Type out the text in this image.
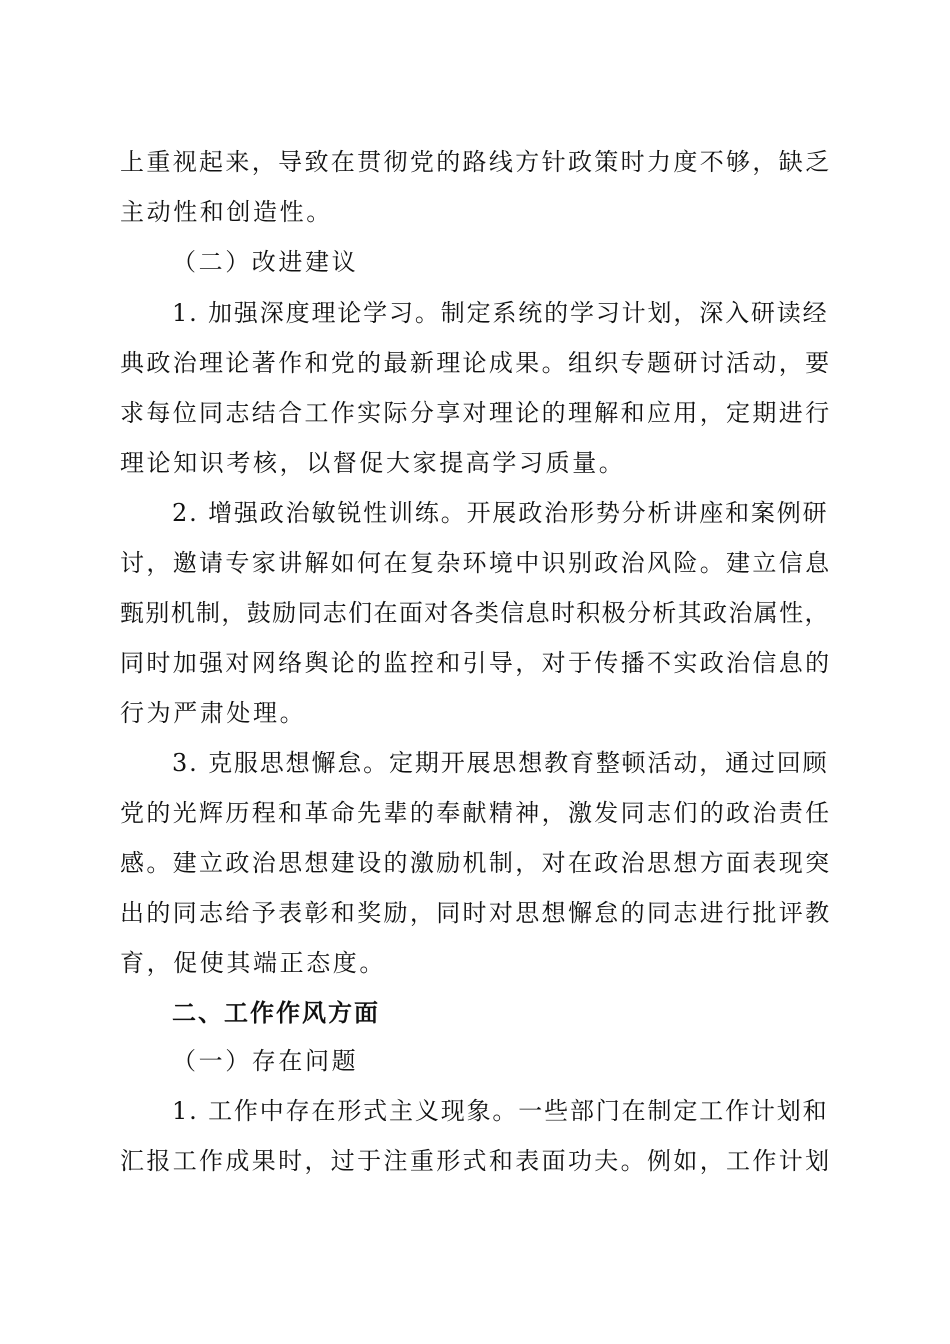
上重视起来，导致在贯彻党的路线方针政策时力度不够，缺乏
主动性和创造性。
（二）改进建议
1. 加强深度理论学习。制定系统的学习计划，深入研读经
典政治理论著作和党的最新理论成果。组织专题研讨活动，要
求每位同志结合工作实际分享对理论的理解和应用，定期进行
理论知识考核，以督促大家提高学习质量。
2. 增强政治敏锐性训练。开展政治形势分析讲座和案例研
讨，邀请专家讲解如何在复杂环境中识别政治风险。建立信息
甄别机制，鼓励同志们在面对各类信息时积极分析其政治属性，
同时加强对网络舆论的监控和引导，对于传播不实政治信息的
行为严肃处理。
3. 克服思想懈怠。定期开展思想教育整顿活动，通过回顾
党的光辉历程和革命先辈的奉献精神，激发同志们的政治责任
感。建立政治思想建设的激励机制，对在政治思想方面表现突
出的同志给予表彰和奖励，同时对思想懈怠的同志进行批评教
育，促使其端正态度。
二、工作作风方面
（一）存在问题
1. 工作中存在形式主义现象。一些部门在制定工作计划和
汇报工作成果时，过于注重形式和表面功夫。例如，工作计划
